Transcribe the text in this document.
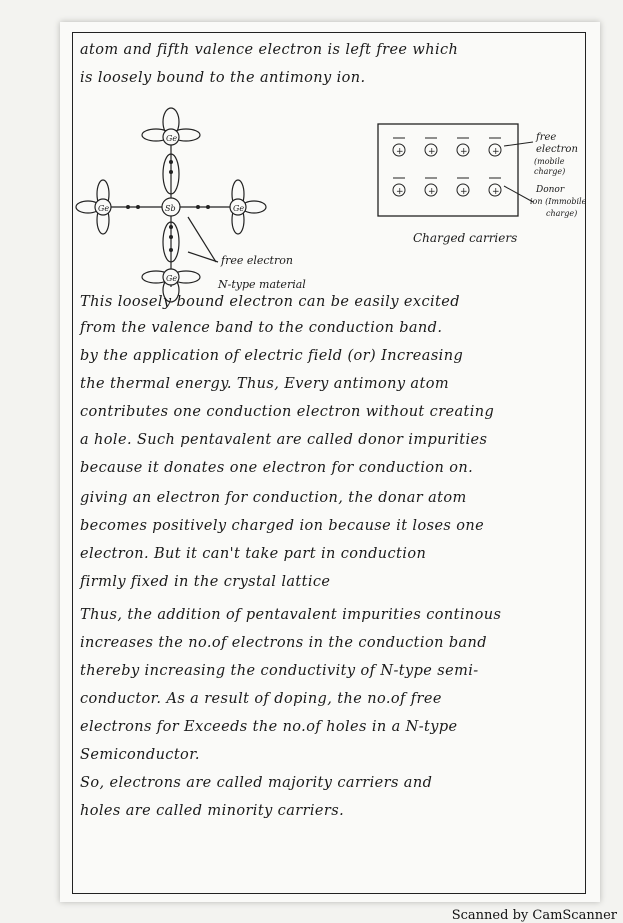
atom and fifth valence electron is left free which
is loosely bound to the antimony ion.
Ge
Ge	Sb	Ge
Ge
free electron
N-type material
+	+	+	+
+	+	+	+
free
electron
(mobile
charge)
Donor
ion (Immobile
charge)
Charged carriers
This loosely bound electron can be easily excited
from the valence band to the conduction band.
by the application of electric field (or) Increasing
the thermal energy. Thus, Every antimony atom
contributes one conduction electron without creating
a hole. Such pentavalent are called donor impurities
because it donates one electron for conduction on.
giving an electron for conduction, the donar atom
becomes positively charged ion because it loses one
electron. But it can't take part in conduction
firmly fixed in the crystal lattice
Thus, the addition of pentavalent impurities continous
increases the no.of electrons in the conduction band
thereby increasing the conductivity of N-type semi-
conductor. As a result of doping, the no.of free
electrons for Exceeds the no.of holes in a N-type
Semiconductor.
So, electrons are called majority carriers and
holes are called minority carriers.
Scanned by CamScanner
